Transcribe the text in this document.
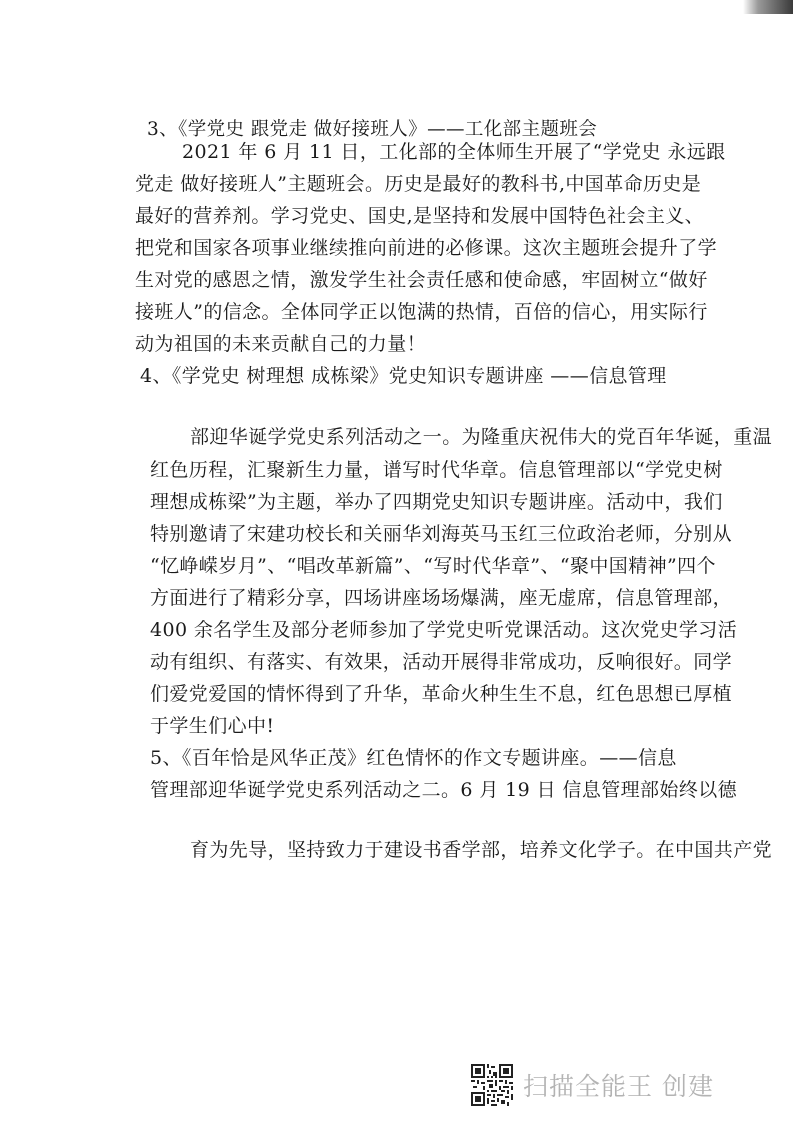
3、《学党史 跟党走 做好接班人》——工化部主题班会
2021 年 6 月 11 日，工化部的全体师生开展了“学党史 永远跟
党走 做好接班人”主题班会。历史是最好的教科书,中国革命历史是
最好的营养剂。学习党史、国史,是坚持和发展中国特色社会主义、
把党和国家各项事业继续推向前进的必修课。这次主题班会提升了学
生对党的感恩之情，激发学生社会责任感和使命感，牢固树立“做好
接班人”的信念。全体同学正以饱满的热情，百倍的信心，用实际行
动为祖国的未来贡献自己的力量！
4、《学党史 树理想 成栋梁》党史知识专题讲座 ——信息管理
部迎华诞学党史系列活动之一。为隆重庆祝伟大的党百年华诞，重温
红色历程，汇聚新生力量，谱写时代华章。信息管理部以“学党史树
理想成栋梁”为主题，举办了四期党史知识专题讲座。活动中，我们
特别邀请了宋建功校长和关丽华刘海英马玉红三位政治老师，分别从
“忆峥嵘岁月”、“唱改革新篇”、“写时代华章”、“聚中国精神”四个
方面进行了精彩分享，四场讲座场场爆满，座无虚席，信息管理部，
400 余名学生及部分老师参加了学党史听党课活动。这次党史学习活
动有组织、有落实、有效果，活动开展得非常成功，反响很好。同学
们爱党爱国的情怀得到了升华，革命火种生生不息，红色思想已厚植
于学生们心中!
5、《百年恰是风华正茂》红色情怀的作文专题讲座。——信息
管理部迎华诞学党史系列活动之二。6 月 19 日 信息管理部始终以德
育为先导，坚持致力于建设书香学部，培养文化学子。在中国共产党
扫描全能王 创建
